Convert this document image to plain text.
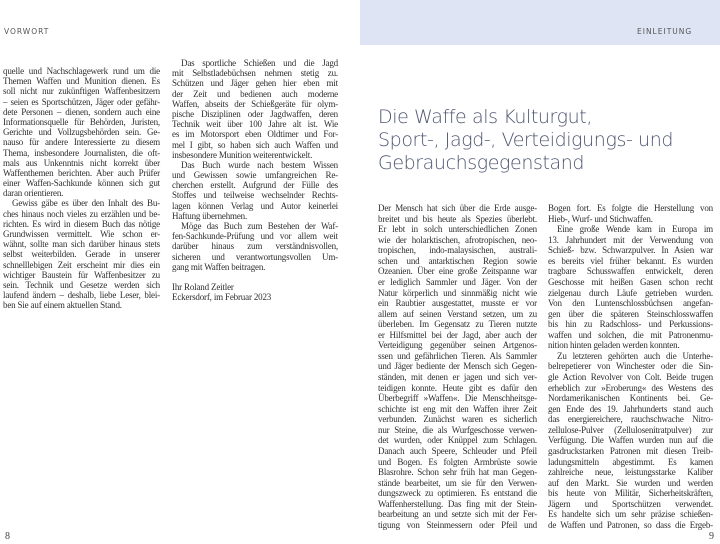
VORWORT
quelle und Nachschlagewerk rund um die
Themen Waffen und Munition dienen. Es
soll nicht nur zukünftigen Waffenbesitzern
– seien es Sportschützen, Jäger oder gefähr-
dete Personen – dienen, sondern auch eine
Informationsquelle für Behörden, Juristen,
Gerichte und Vollzugsbehörden sein. Ge-
nauso für andere Interessierte zu diesem
Thema, insbesondere Journalisten, die oft-
mals aus Unkenntnis nicht korrekt über
Waffenthemen berichten. Aber auch Prüfer
einer Waffen-Sachkunde können sich gut
daran orientieren.
Gewiss gäbe es über den Inhalt des Bu-
ches hinaus noch vieles zu erzählen und be-
richten. Es wird in diesem Buch das nötige
Grundwissen vermittelt. Wie schon er-
wähnt, sollte man sich darüber hinaus stets
selbst weiterbilden. Gerade in unserer
schnelllebigen Zeit erscheint mir dies ein
wichtiger Baustein für Waffenbesitzer zu
sein. Technik und Gesetze werden sich
laufend ändern – deshalb, liebe Leser, blei-
ben Sie auf einem aktuellen Stand.
Das sportliche Schießen und die Jagd
mit Selbstladebüchsen nehmen stetig zu.
Schützen und Jäger gehen hier eben mit
der Zeit und bedienen auch moderne
Waffen, abseits der Schießgeräte für olym-
pische Disziplinen oder Jagdwaffen, deren
Technik weit über 100 Jahre alt ist. Wie
es im Motorsport eben Oldtimer und For-
mel I gibt, so haben sich auch Waffen und
insbesondere Munition weiterentwickelt.
Das Buch wurde nach bestem Wissen
und Gewissen sowie umfangreichen Re-
cherchen erstellt. Aufgrund der Fülle des
Stoffes und teilweise wechselnder Rechts-
lagen können Verlag und Autor keinerlei
Haftung übernehmen.
Möge das Buch zum Bestehen der Waf-
fen-Sachkunde-Prüfung und vor allem weit
darüber hinaus zum verständnisvollen,
sicheren und verantwortungsvollen Um-
gang mit Waffen beitragen.
Ihr Roland Zeitler
Eckersdorf, im Februar 2023
8
EINLEITUNG
Die Waffe als Kulturgut,
Sport-, Jagd-, Verteidigungs- und
Gebrauchsgegenstand
Der Mensch hat sich über die Erde ausge-
breitet und bis heute als Spezies überlebt.
Er lebt in solch unterschiedlichen Zonen
wie der holarktischen, afrotropischen, neo-
tropischen, indo-malaysischen, australi-
schen und antarktischen Region sowie
Ozeanien. Über eine große Zeitspanne war
er lediglich Sammler und Jäger. Von der
Natur körperlich und sinnmäßig nicht wie
ein Raubtier ausgestattet, musste er vor
allem auf seinen Verstand setzen, um zu
überleben. Im Gegensatz zu Tieren nutzte
er Hilfsmittel bei der Jagd, aber auch der
Verteidigung gegenüber seinen Artgenos-
ssen und gefährlichen Tieren. Als Sammler
und Jäger bediente der Mensch sich Gegen-
ständen, mit denen er jagen und sich ver-
teidigen konnte. Heute gibt es dafür den
Überbegriff »Waffen«. Die Menschheitsge-
schichte ist eng mit den Waffen ihrer Zeit
verbunden. Zunächst waren es sicherlich
nur Steine, die als Wurfgeschosse verwen-
det wurden, oder Knüppel zum Schlagen.
Danach auch Speere, Schleuder und Pfeil
und Bogen. Es folgten Armbrüste sowie
Blasrohre. Schon sehr früh hat man Gegen-
stände bearbeitet, um sie für den Verwen-
dungszweck zu optimieren. Es entstand die
Waffenherstellung. Das fing mit der Stein-
bearbeitung an und setzte sich mit der Fer-
tigung von Steinmessern oder Pfeil und
Bogen fort. Es folgte die Herstellung von
Hieb-, Wurf- und Stichwaffen.
Eine große Wende kam in Europa im
13. Jahrhundert mit der Verwendung von
Schieß- bzw. Schwarzpulver. In Asien war
es bereits viel früher bekannt. Es wurden
tragbare Schusswaffen entwickelt, deren
Geschosse mit heißen Gasen schon recht
zielgenau durch Läufe getrieben wurden.
Von den Luntenschlossbüchsen angefan-
gen über die späteren Steinschlosswaffen
bis hin zu Radschloss- und Perkussions-
waffen und solchen, die mit Patronenmu-
nition hinten geladen werden konnten.
Zu letzteren gehörten auch die Unterhe-
belrepetierer von Winchester oder die Sin-
gle Action Revolver von Colt. Beide trugen
erheblich zur »Eroberung« des Westens des
Nordamerikanischen Kontinents bei. Ge-
gen Ende des 19. Jahrhunderts stand auch
das energiereichere, rauchschwache Nitro-
zellulose-Pulver (Zellulosenitratpulver) zur
Verfügung. Die Waffen wurden nun auf die
gasdruckstarken Patronen mit diesen Treib-
ladungsmitteln abgestimmt. Es kamen
zahlreiche neue, leistungsstarke Kaliber
auf den Markt. Sie wurden und werden
bis heute von Militär, Sicherheitskräften,
Jägern und Sportschützen verwendet.
Es handelte sich um sehr präzise schießen-
de Waffen und Patronen, so dass die Ergeb-
9
